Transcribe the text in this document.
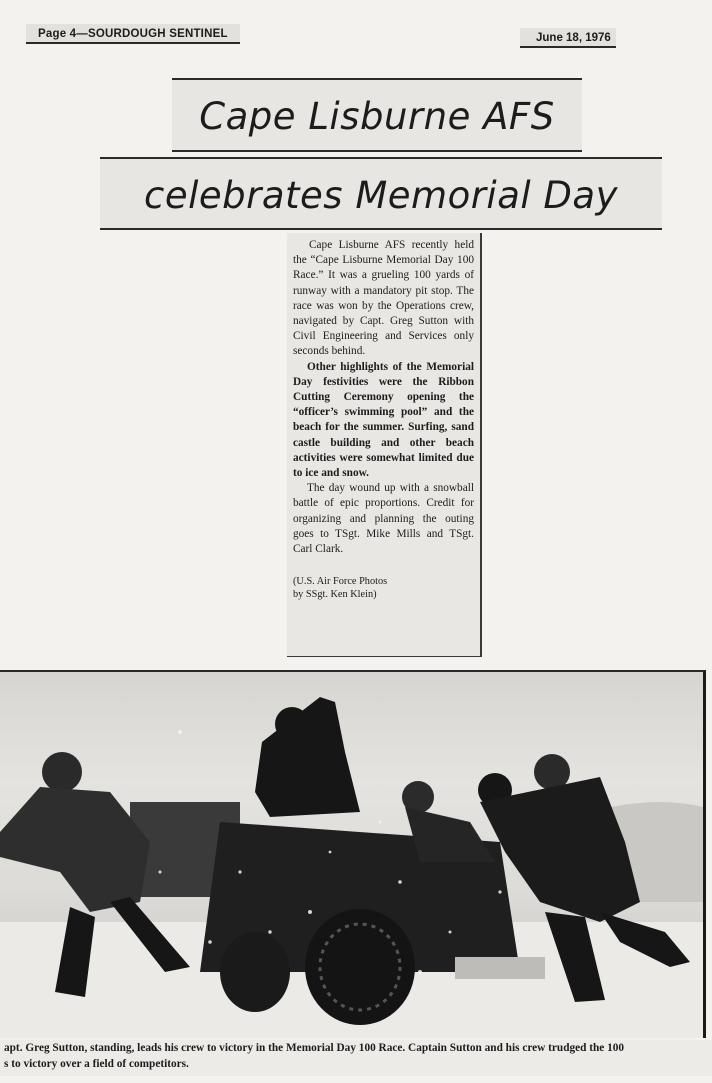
Page 4—SOURDOUGH SENTINEL	June 18, 1976
Cape Lisburne AFS
celebrates Memorial Day

Cape Lisburne AFS recently held the “Cape Lisburne Memorial Day 100 Race.” It was a grueling 100 yards of runway with a mandatory pit stop. The race was won by the Operations crew, navigated by Capt. Greg Sutton with Civil Engineering and Services only seconds behind.

Other highlights of the Memorial Day festivities were the Ribbon Cutting Ceremony opening the “officer’s swimming pool” and the beach for the summer. Surfing, sand castle building and other beach activities were somewhat limited due to ice and snow.

The day wound up with a snowball battle of epic proportions. Credit for organizing and planning the outing goes to TSgt. Mike Mills and TSgt. Carl Clark.

(U.S. Air Force Photos
by SSgt. Ken Klein)

apt. Greg Sutton, standing, leads his crew to victory in the Memorial Day 100 Race. Captain Sutton and his crew trudged the 100
s to victory over a field of competitors.
